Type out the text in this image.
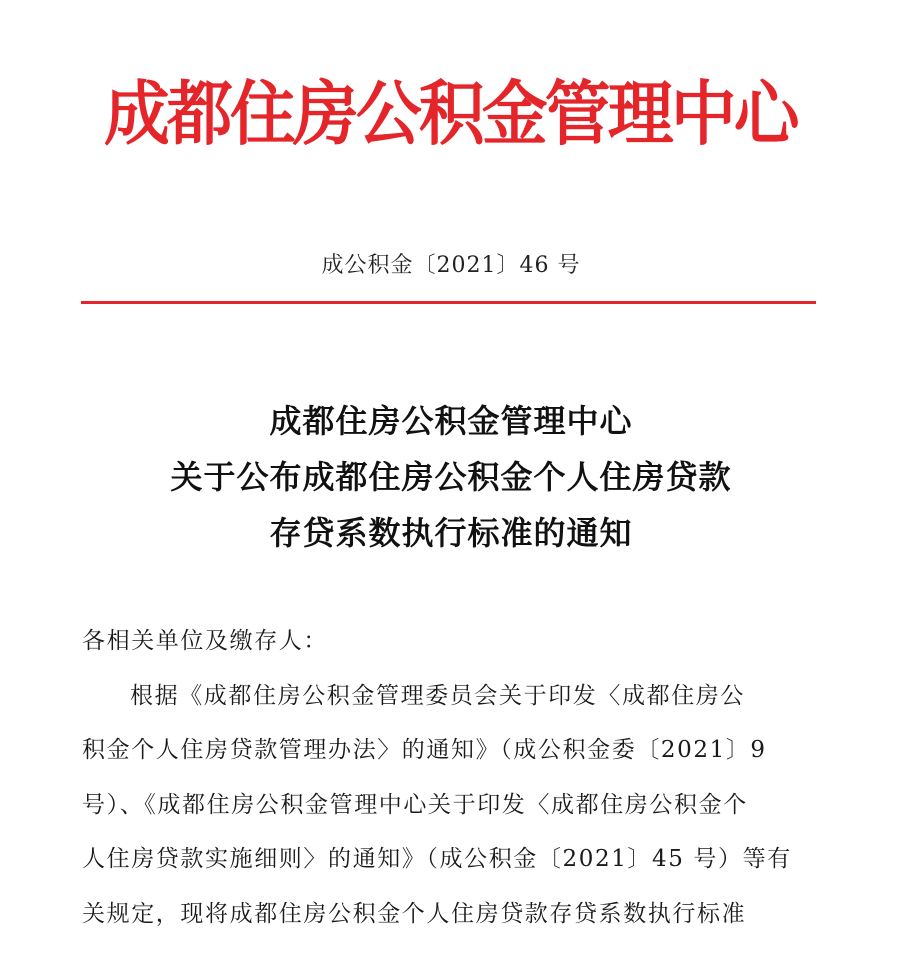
成都住房公积金管理中心
成公积金〔2021〕46 号
成都住房公积金管理中心
关于公布成都住房公积金个人住房贷款
存贷系数执行标准的通知
各相关单位及缴存人：
根据《成都住房公积金管理委员会关于印发〈成都住房公
积金个人住房贷款管理办法〉的通知》（成公积金委〔2021〕9
号）、《成都住房公积金管理中心关于印发〈成都住房公积金个
人住房贷款实施细则〉的通知》（成公积金〔2021〕45 号）等有
关规定，现将成都住房公积金个人住房贷款存贷系数执行标准
